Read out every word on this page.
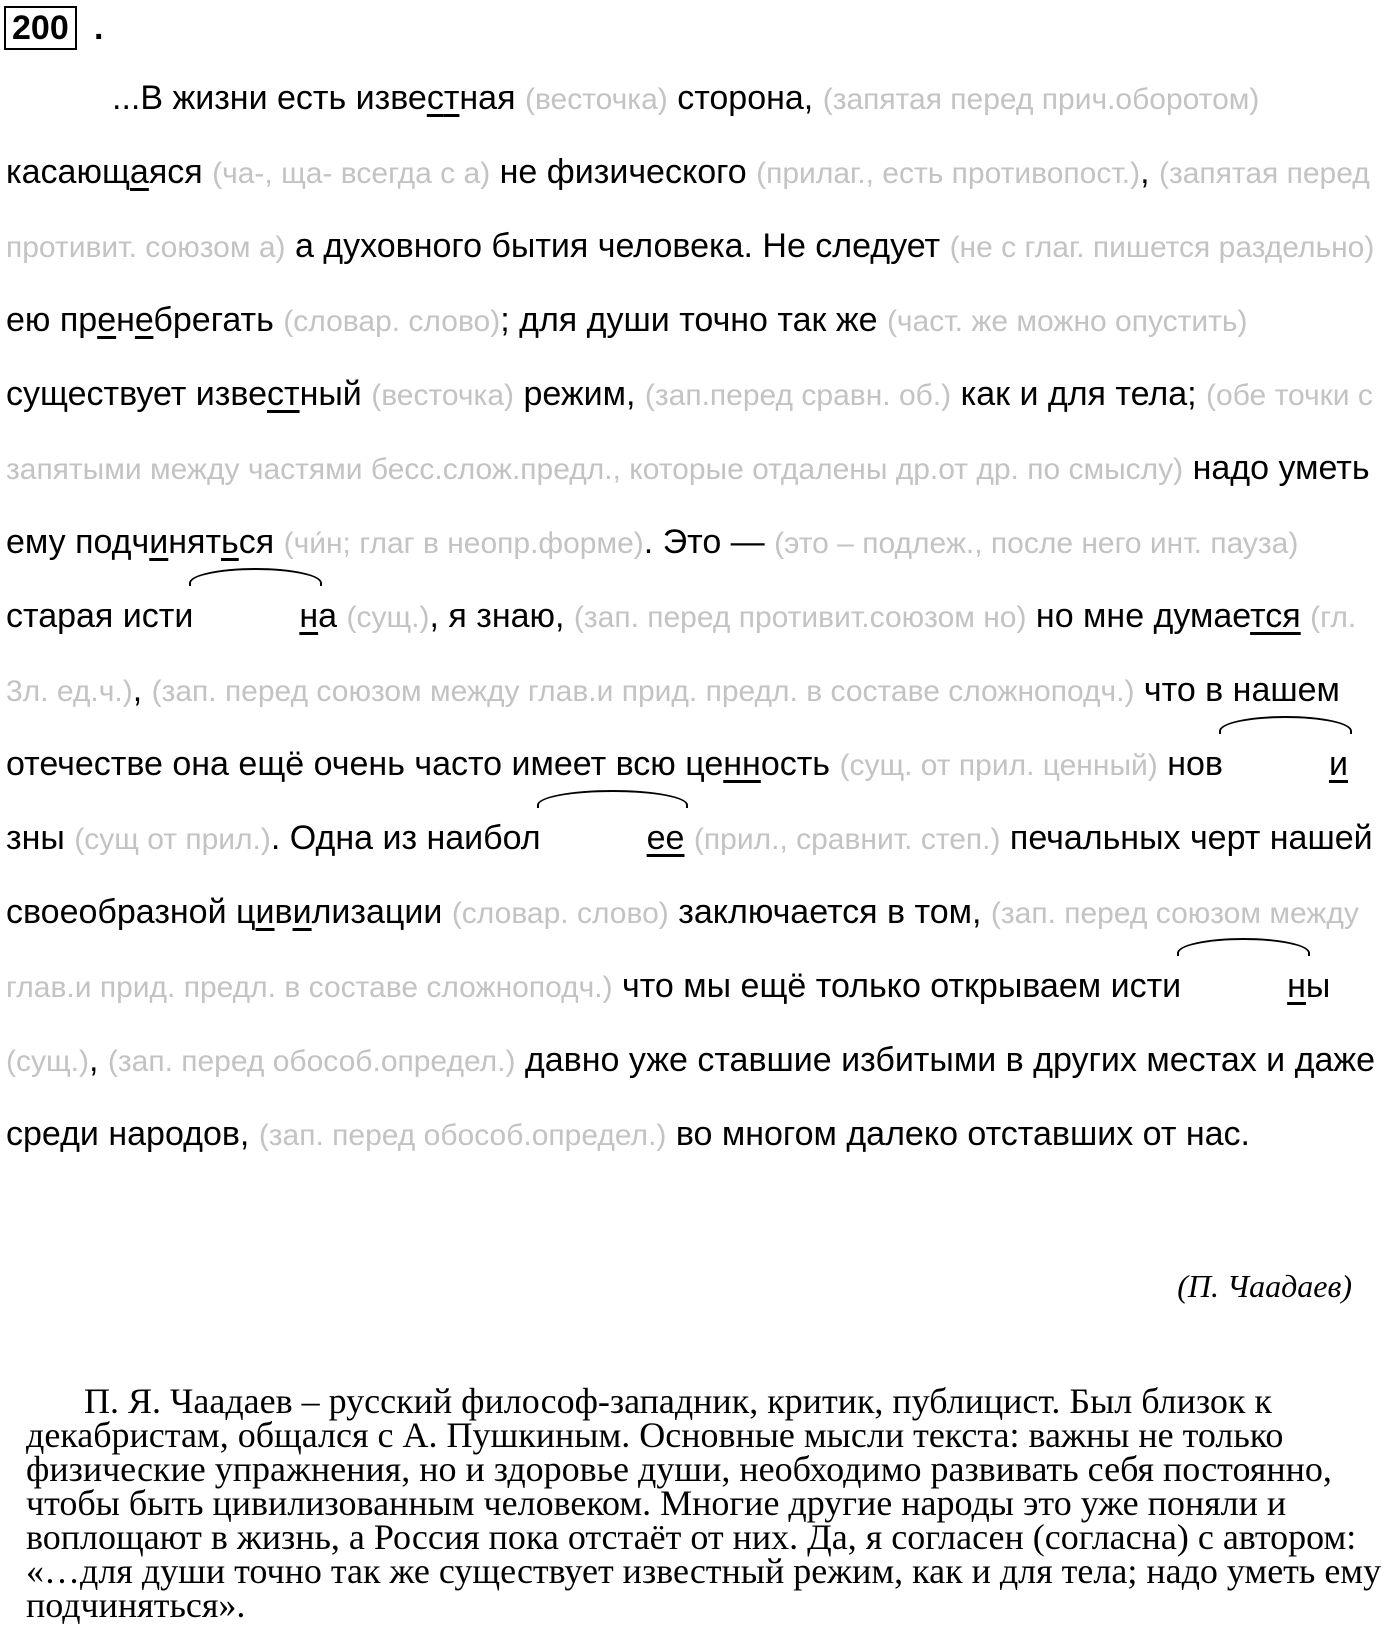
200 .

...В жизни есть известная (весточка) сторона, (запятая перед прич.оборотом) касающаяся (ча-, ща- всегда с а) не физического (прилаг., есть противопост.), (запятая перед противит. союзом а) а духовного бытия человека. Не следует (не с глаг. пишется раздельно) ею пренебрегать (словар. слово); для души точно так же (част. же можно опустить) существует известный (весточка) режим, (зап.перед сравн. об.) как и для тела; (обе точки с запятыми между частями бесс.слож.предл., которые отдалены др.от др. по смыслу) надо уметь ему подчиняться (чи́н; глаг в неопр.форме). Это — (это – подлеж., после него инт. пауза) старая исти	на (сущ.), я знаю, (зап. перед противит.союзом но) но мне думается (гл. 3л. ед.ч.), (зап. перед союзом между глав.и прид. предл. в составе сложноподч.) что в нашем отечестве она ещё очень часто имеет всю ценность (сущ. от прил. ценный) нов	изны (сущ от прил.). Одна из наибол	ее (прил., сравнит. степ.) печальных черт нашей своеобразной цивилизации (словар. слово) заключается в том, (зап. перед союзом между глав.и прид. предл. в составе сложноподч.) что мы ещё только открываем исти	ны (сущ.), (зап. перед обособ.определ.) давно уже ставшие избитыми в других местах и даже среди народов, (зап. перед обособ.определ.) во многом далеко отставших от нас.

(П. Чаадаев)

П. Я. Чаадаев – русский философ-западник, критик, публицист. Был близок к декабристам, общался с А. Пушкиным. Основные мысли текста: важны не только физические упражнения, но и здоровье души, необходимо развивать себя постоянно, чтобы быть цивилизованным человеком. Многие другие народы это уже поняли и воплощают в жизнь, а Россия пока отстаёт от них. Да, я согласен (согласна) с автором: «…для души точно так же существует известный режим, как и для тела; надо уметь ему подчиняться».
